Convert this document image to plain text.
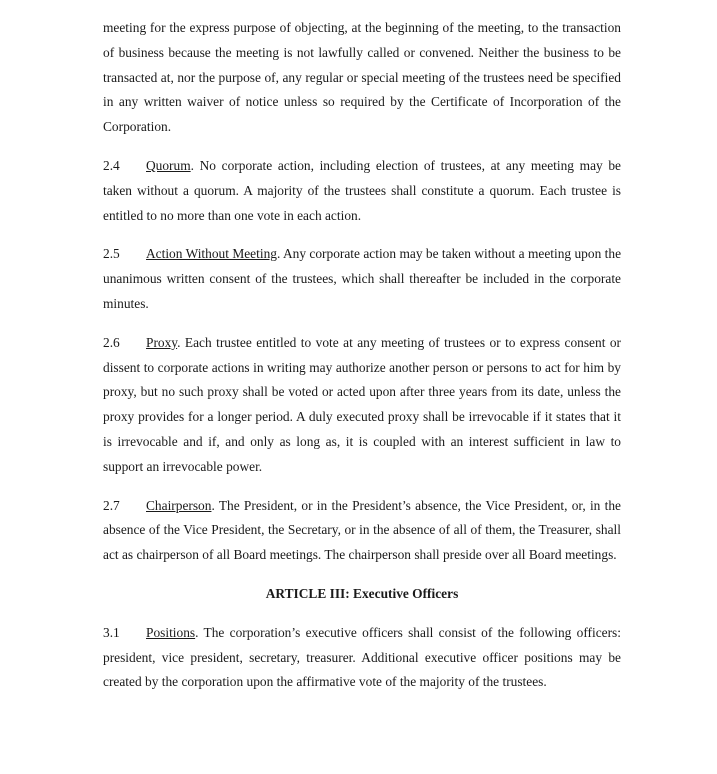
meeting for the express purpose of objecting, at the beginning of the meeting, to the transaction of business because the meeting is not lawfully called or convened. Neither the business to be transacted at, nor the purpose of, any regular or special meeting of the trustees need be specified in any written waiver of notice unless so required by the Certificate of Incorporation of the Corporation.

2.4 Quorum. No corporate action, including election of trustees, at any meeting may be taken without a quorum. A majority of the trustees shall constitute a quorum. Each trustee is entitled to no more than one vote in each action.

2.5 Action Without Meeting. Any corporate action may be taken without a meeting upon the unanimous written consent of the trustees, which shall thereafter be included in the corporate minutes.

2.6 Proxy. Each trustee entitled to vote at any meeting of trustees or to express consent or dissent to corporate actions in writing may authorize another person or persons to act for him by proxy, but no such proxy shall be voted or acted upon after three years from its date, unless the proxy provides for a longer period. A duly executed proxy shall be irrevocable if it states that it is irrevocable and if, and only as long as, it is coupled with an interest sufficient in law to support an irrevocable power.

2.7 Chairperson. The President, or in the President’s absence, the Vice President, or, in the absence of the Vice President, the Secretary, or in the absence of all of them, the Treasurer, shall act as chairperson of all Board meetings. The chairperson shall preside over all Board meetings.

ARTICLE III: Executive Officers

3.1 Positions. The corporation’s executive officers shall consist of the following officers: president, vice president, secretary, treasurer. Additional executive officer positions may be created by the corporation upon the affirmative vote of the majority of the trustees.
